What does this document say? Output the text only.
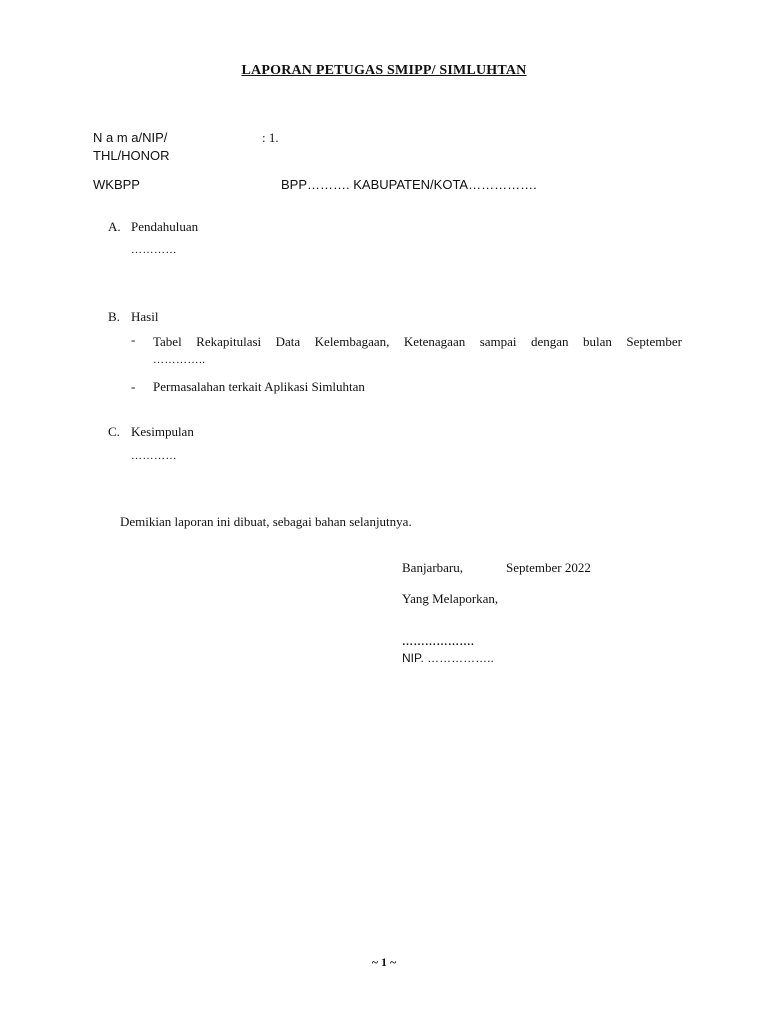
LAPORAN PETUGAS SMIPP/ SIMLUHTAN
N a m a/NIP/
THL/HONOR
: 1.
WKBPP	BPP………. KABUPATEN/KOTA…………….
A. Pendahuluan
…………
B. Hasil
- Tabel Rekapitulasi Data Kelembagaan, Ketenagaan sampai dengan bulan September
…………..
- Permasalahan terkait Aplikasi Simluhtan
C. Kesimpulan
…………
Demikian laporan ini dibuat, sebagai bahan selanjutnya.
Banjarbaru,	September 2022
Yang Melaporkan,
……………….
NIP. ……………..
~ 1 ~
